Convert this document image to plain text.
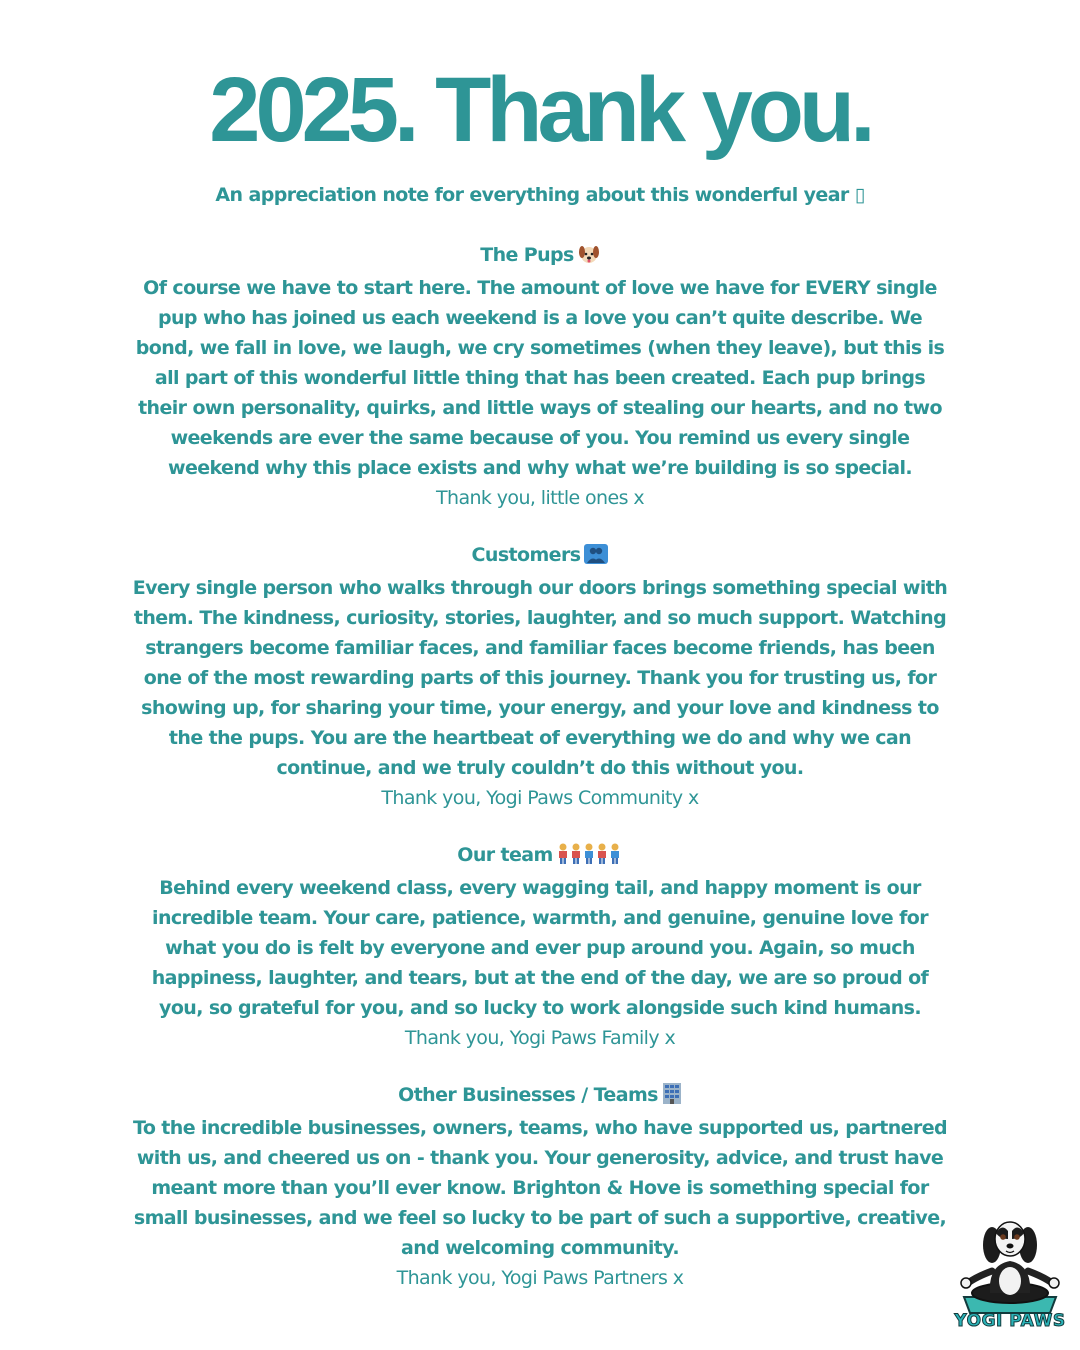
2025. Thank you.
An appreciation note for everything about this wonderful year ▯
The Pups
Of course we have to start here. The amount of love we have for EVERY single pup who has joined us each weekend is a love you can’t quite describe. We bond, we fall in love, we laugh, we cry sometimes (when they leave), but this is all part of this wonderful little thing that has been created. Each pup brings their own personality, quirks, and little ways of stealing our hearts, and no two weekends are ever the same because of you. You remind us every single weekend why this place exists and why what we’re building is so special.
Thank you, little ones x
Customers
Every single person who walks through our doors brings something special with them. The kindness, curiosity, stories, laughter, and so much support. Watching strangers become familiar faces, and familiar faces become friends, has been one of the most rewarding parts of this journey. Thank you for trusting us, for showing up, for sharing your time, your energy, and your love and kindness to the the pups. You are the heartbeat of everything we do and why we can continue, and we truly couldn’t do this without you.
Thank you, Yogi Paws Community x
Our team
Behind every weekend class, every wagging tail, and happy moment is our incredible team. Your care, patience, warmth, and genuine, genuine love for what you do is felt by everyone and ever pup around you. Again, so much happiness, laughter, and tears, but at the end of the day, we are so proud of you, so grateful for you, and so lucky to work alongside such kind humans.
Thank you, Yogi Paws Family x
Other Businesses / Teams
To the incredible businesses, owners, teams, who have supported us, partnered with us, and cheered us on - thank you. Your generosity, advice, and trust have meant more than you’ll ever know. Brighton & Hove is something special for small businesses, and we feel so lucky to be part of such a supportive, creative, and welcoming community.
Thank you, Yogi Paws Partners x
YOGI PAWS
